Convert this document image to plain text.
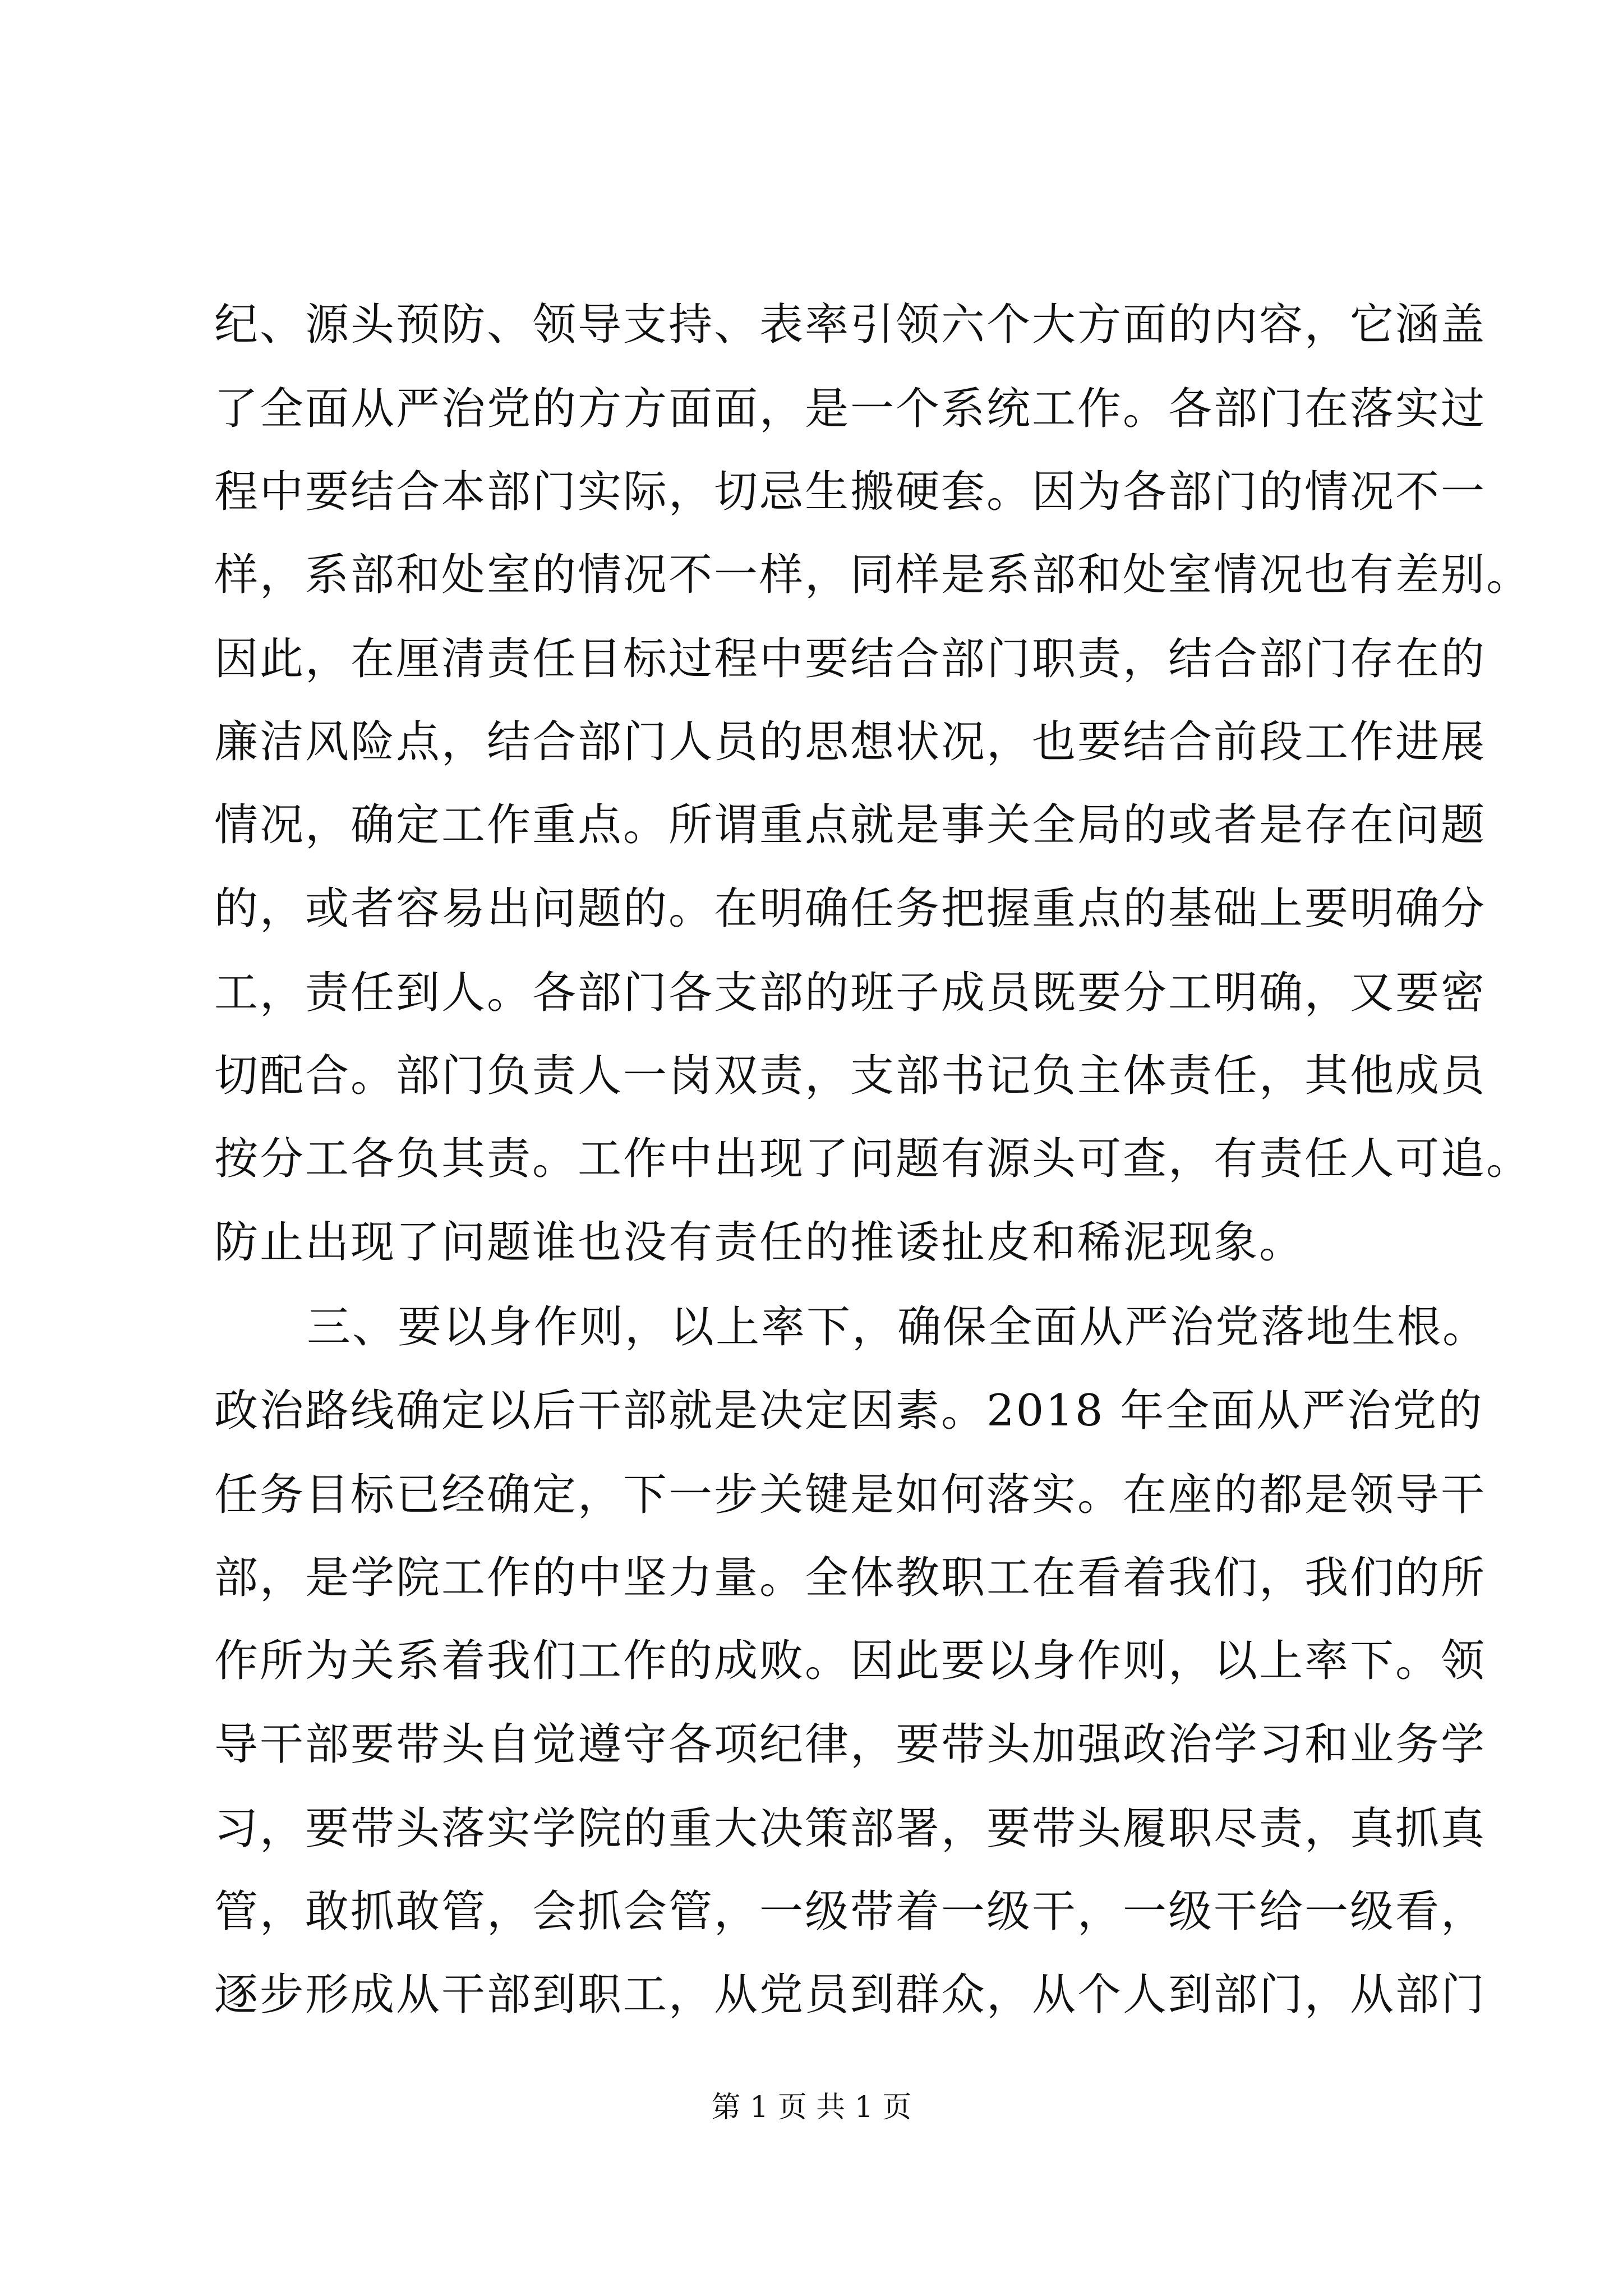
纪、源头预防、领导支持、表率引领六个大方面的内容，它涵盖
了全面从严治党的方方面面，是一个系统工作。各部门在落实过
程中要结合本部门实际，切忌生搬硬套。因为各部门的情况不一
样，系部和处室的情况不一样，同样是系部和处室情况也有差别。
因此，在厘清责任目标过程中要结合部门职责，结合部门存在的
廉洁风险点，结合部门人员的思想状况，也要结合前段工作进展
情况，确定工作重点。所谓重点就是事关全局的或者是存在问题
的，或者容易出问题的。在明确任务把握重点的基础上要明确分
工，责任到人。各部门各支部的班子成员既要分工明确，又要密
切配合。部门负责人一岗双责，支部书记负主体责任，其他成员
按分工各负其责。工作中出现了问题有源头可查，有责任人可追。
防止出现了问题谁也没有责任的推诿扯皮和稀泥现象。
三、要以身作则，以上率下，确保全面从严治党落地生根。
政治路线确定以后干部就是决定因素。2018 年全面从严治党的
任务目标已经确定，下一步关键是如何落实。在座的都是领导干
部，是学院工作的中坚力量。全体教职工在看着我们，我们的所
作所为关系着我们工作的成败。因此要以身作则，以上率下。领
导干部要带头自觉遵守各项纪律，要带头加强政治学习和业务学
习，要带头落实学院的重大决策部署，要带头履职尽责，真抓真
管，敢抓敢管，会抓会管，一级带着一级干，一级干给一级看，
逐步形成从干部到职工，从党员到群众，从个人到部门，从部门
第 1 页 共 1 页
